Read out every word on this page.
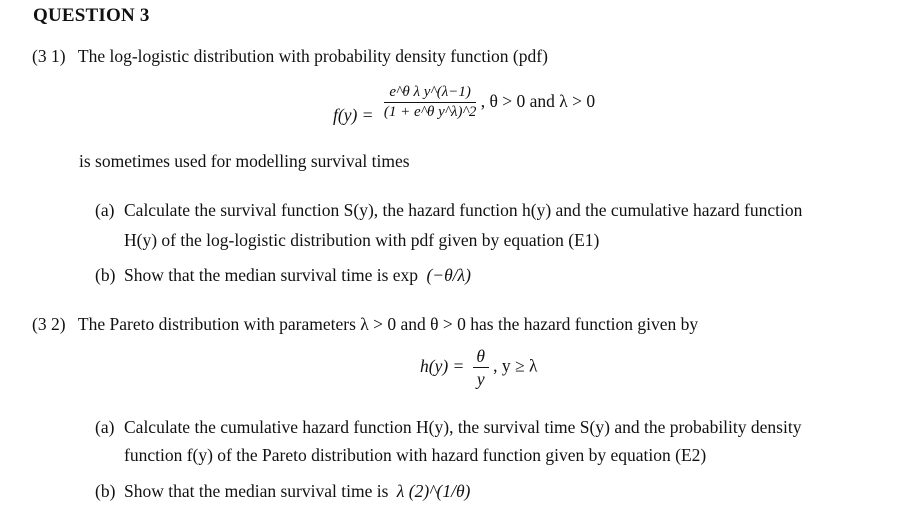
QUESTION 3
(3 1) The log-logistic distribution with probability density function (pdf)
$f(y) = \frac{\text{e\textasciicircum{}θ λ y\textasciicircum{}(λ−1)}}{\text{(1 + e\textasciicircum{}θ y\textasciicircum{}λ)\textasciicircum{}2}}$ , θ > 0 and λ > 0
is sometimes used for modelling survival times
(a) Calculate the survival function S(y), the hazard function h(y) and the cumulative hazard function
H(y) of the log-logistic distribution with pdf given by equation (E1)
(b) Show that the median survival time is exp (−θ/λ)
(3 2) The Pareto distribution with parameters λ > 0 and θ > 0 has the hazard function given by
$h(y) = \frac{\theta}{y}$ , y ≥ λ
(a) Calculate the cumulative hazard function H(y), the survival time S(y) and the probability density
function f(y) of the Pareto distribution with hazard function given by equation (E2)
(b) Show that the median survival time is λ (2)^(1/θ)
